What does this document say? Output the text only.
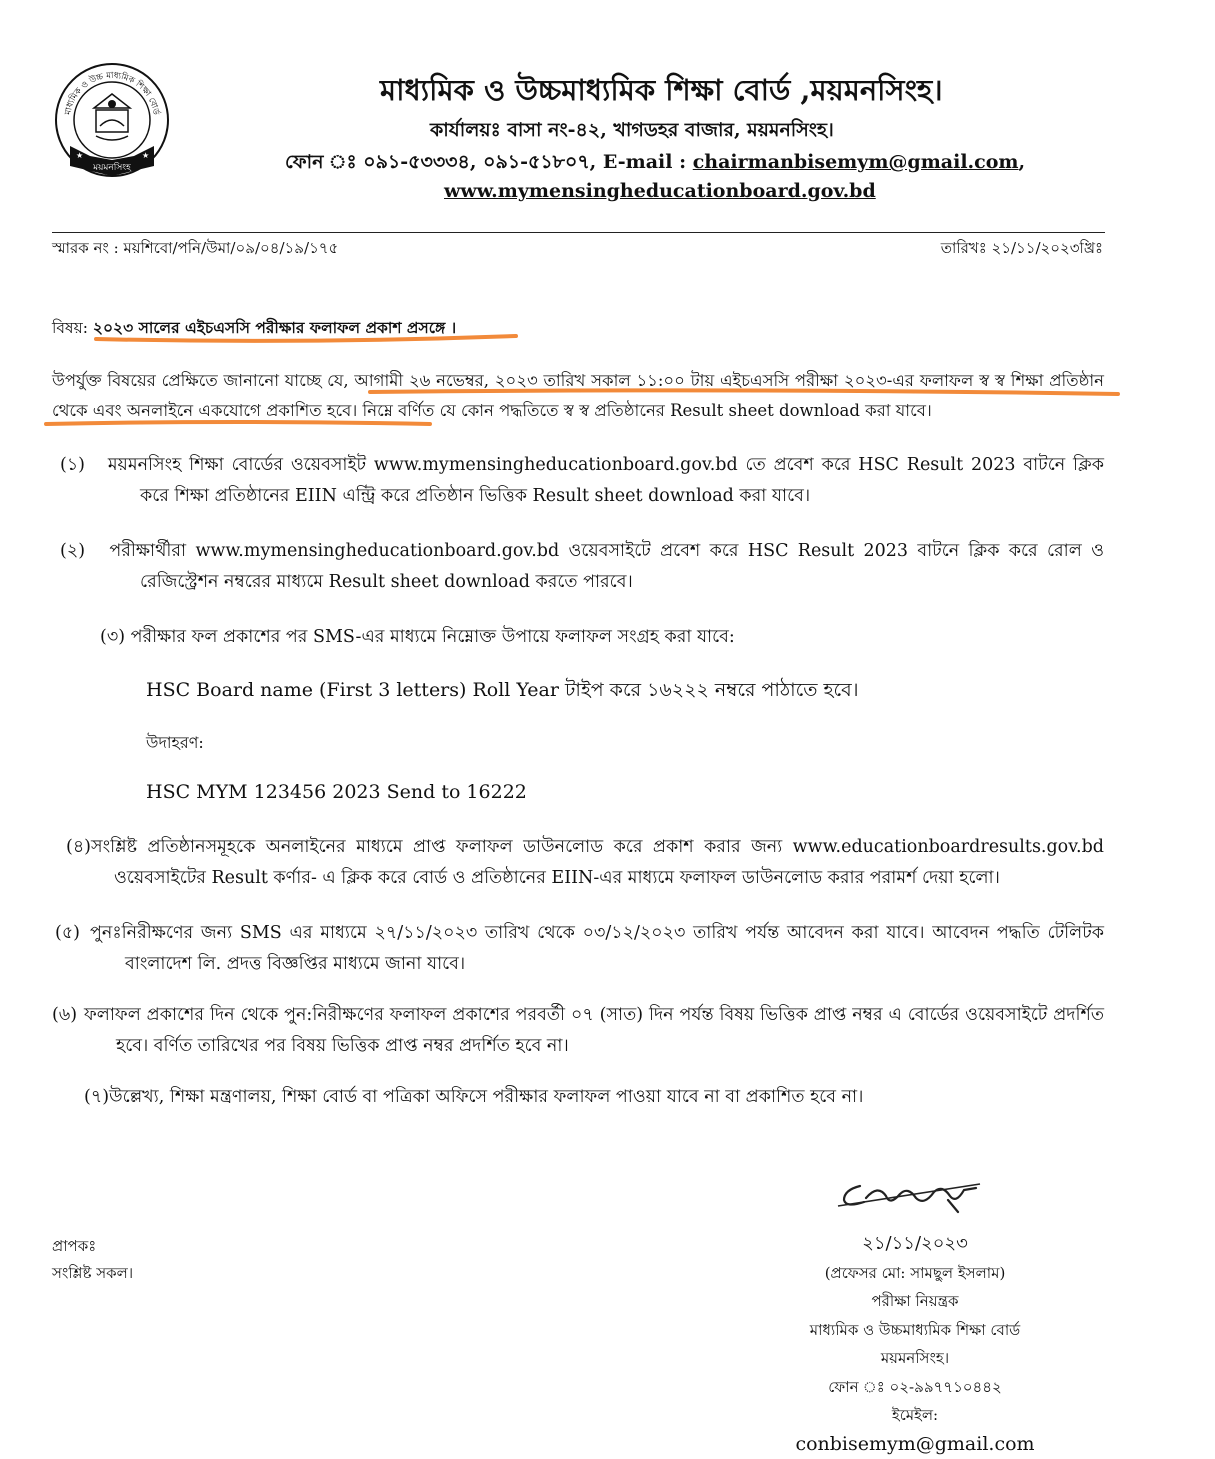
মাধ্যমিক ও উচ্চ মাধ্যমিক শিক্ষা বোর্ড
ময়মনসিংহ
★	★
মাধ্যমিক ও উচ্চমাধ্যমিক শিক্ষা বোর্ড ,ময়মনসিংহ।
কার্যালয়ঃ বাসা নং-৪২, খাগডহর বাজার, ময়মনসিংহ।
ফোন ঃ ০৯১-৫৩৩৩৪, ০৯১-৫১৮০৭, E-mail : chairmanbisemym@gmail.com,
www.mymensingheducationboard.gov.bd
স্মারক নং : ময়শিবো/পনি/উমা/০৯/০৪/১৯/১৭৫	তারিখঃ ২১/১১/২০২৩খ্রিঃ
বিষয়: ২০২৩ সালের এইচএসসি পরীক্ষার ফলাফল প্রকাশ প্রসঙ্গে ।
উপর্যুক্ত বিষয়ের প্রেক্ষিতে জানানো যাচ্ছে যে, আগামী ২৬ নভেম্বর, ২০২৩ তারিখ সকাল ১১:০০ টায় এইচএসসি পরীক্ষা ২০২৩-এর ফলাফল স্ব স্ব শিক্ষা প্রতিষ্ঠান থেকে এবং অনলাইনে একযোগে প্রকাশিত হবে। নিম্নে বর্ণিত যে কোন পদ্ধতিতে স্ব স্ব প্রতিষ্ঠানের Result sheet download করা যাবে।
(১) ময়মনসিংহ শিক্ষা বোর্ডের ওয়েবসাইট www.mymensingheducationboard.gov.bd তে প্রবেশ করে HSC Result 2023 বাটনে ক্লিক করে শিক্ষা প্রতিষ্ঠানের EIIN এন্ট্রি করে প্রতিষ্ঠান ভিত্তিক Result sheet download করা যাবে।
(২) পরীক্ষার্থীরা www.mymensingheducationboard.gov.bd ওয়েবসাইটে প্রবেশ করে HSC Result 2023 বাটনে ক্লিক করে রোল ও রেজিস্ট্রেশন নম্বরের মাধ্যমে Result sheet download করতে পারবে।
(৩) পরীক্ষার ফল প্রকাশের পর SMS-এর মাধ্যমে নিম্নোক্ত উপায়ে ফলাফল সংগ্রহ করা যাবে:
HSC Board name (First 3 letters) Roll Year টাইপ করে ১৬২২২ নম্বরে পাঠাতে হবে।
উদাহরণ:
HSC MYM 123456 2023 Send to 16222
(৪)সংশ্লিষ্ট প্রতিষ্ঠানসমূহকে অনলাইনের মাধ্যমে প্রাপ্ত ফলাফল ডাউনলোড করে প্রকাশ করার জন্য www.educationboardresults.gov.bd ওয়েবসাইটের Result কর্ণার- এ ক্লিক করে বোর্ড ও প্রতিষ্ঠানের EIIN-এর মাধ্যমে ফলাফল ডাউনলোড করার পরামর্শ দেয়া হলো।
(৫) পুনঃনিরীক্ষণের জন্য SMS এর মাধ্যমে ২৭/১১/২০২৩ তারিখ থেকে ০৩/১২/২০২৩ তারিখ পর্যন্ত আবেদন করা যাবে। আবেদন পদ্ধতি টেলিটক বাংলাদেশ লি. প্রদত্ত বিজ্ঞপ্তির মাধ্যমে জানা যাবে।
(৬)ফলাফল প্রকাশের দিন থেকে পুন:নিরীক্ষণের ফলাফল প্রকাশের পরবর্তী ০৭ (সাত) দিন পর্যন্ত বিষয় ভিত্তিক প্রাপ্ত নম্বর এ বোর্ডের ওয়েবসাইটে প্রদর্শিত হবে। বর্ণিত তারিখের পর বিষয় ভিত্তিক প্রাপ্ত নম্বর প্রদর্শিত হবে না।
(৭)উল্লেখ্য, শিক্ষা মন্ত্রণালয়, শিক্ষা বোর্ড বা পত্রিকা অফিসে পরীক্ষার ফলাফল পাওয়া যাবে না বা প্রকাশিত হবে না।
প্রাপকঃ
সংশ্লিষ্ট সকল।
২১/১১/২০২৩
(প্রফেসর মো: সামছুল ইসলাম)
পরীক্ষা নিয়ন্ত্রক
মাধ্যমিক ও উচ্চমাধ্যমিক শিক্ষা বোর্ড
ময়মনসিংহ।
ফোন ঃ ০২-৯৯৭৭১০৪৪২
ইমেইল: conbisemym@gmail.com
